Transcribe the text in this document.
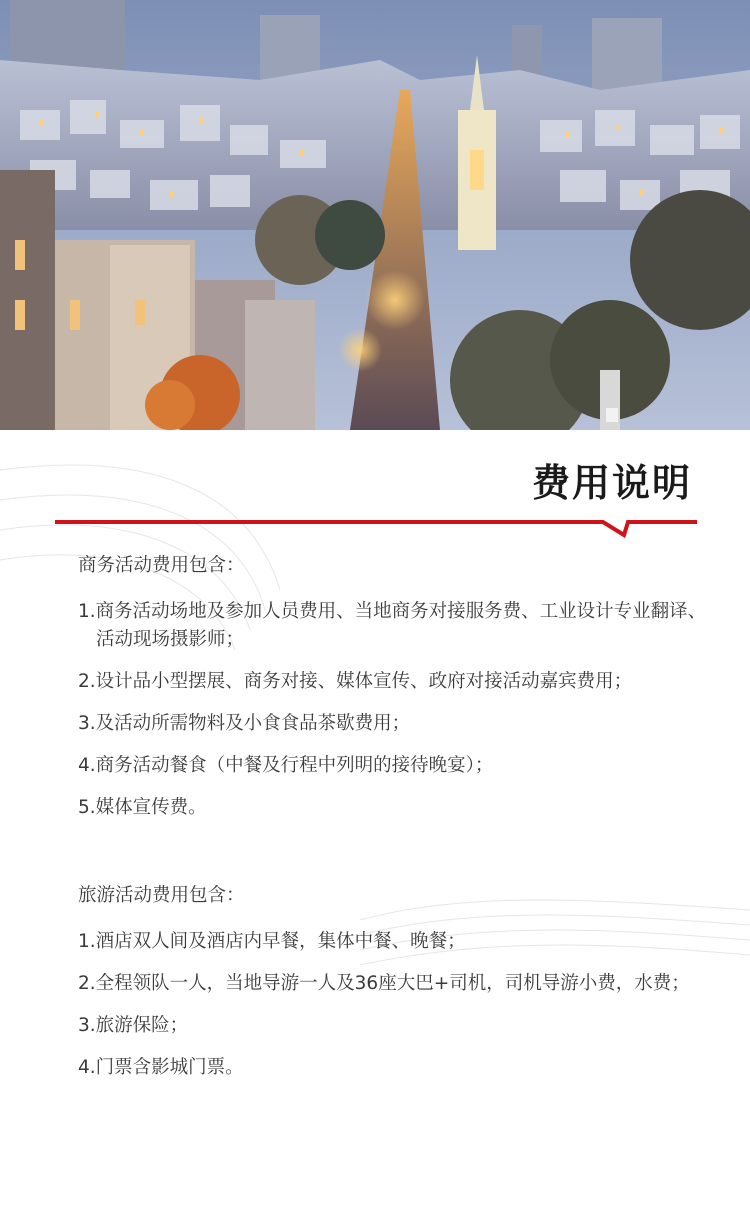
费用说明
商务活动费用包含：
1.商务活动场地及参加人员费用、当地商务对接服务费、工业设计专业翻译、活动现场摄影师；
2.设计品小型摆展、商务对接、媒体宣传、政府对接活动嘉宾费用；
3.及活动所需物料及小食食品茶歇费用；
4.商务活动餐食（中餐及行程中列明的接待晚宴）；
5.媒体宣传费。
旅游活动费用包含：
1.酒店双人间及酒店内早餐，集体中餐、晚餐；
2.全程领队一人，当地导游一人及36座大巴+司机，司机导游小费，水费；
3.旅游保险；
4.门票含影城门票。
